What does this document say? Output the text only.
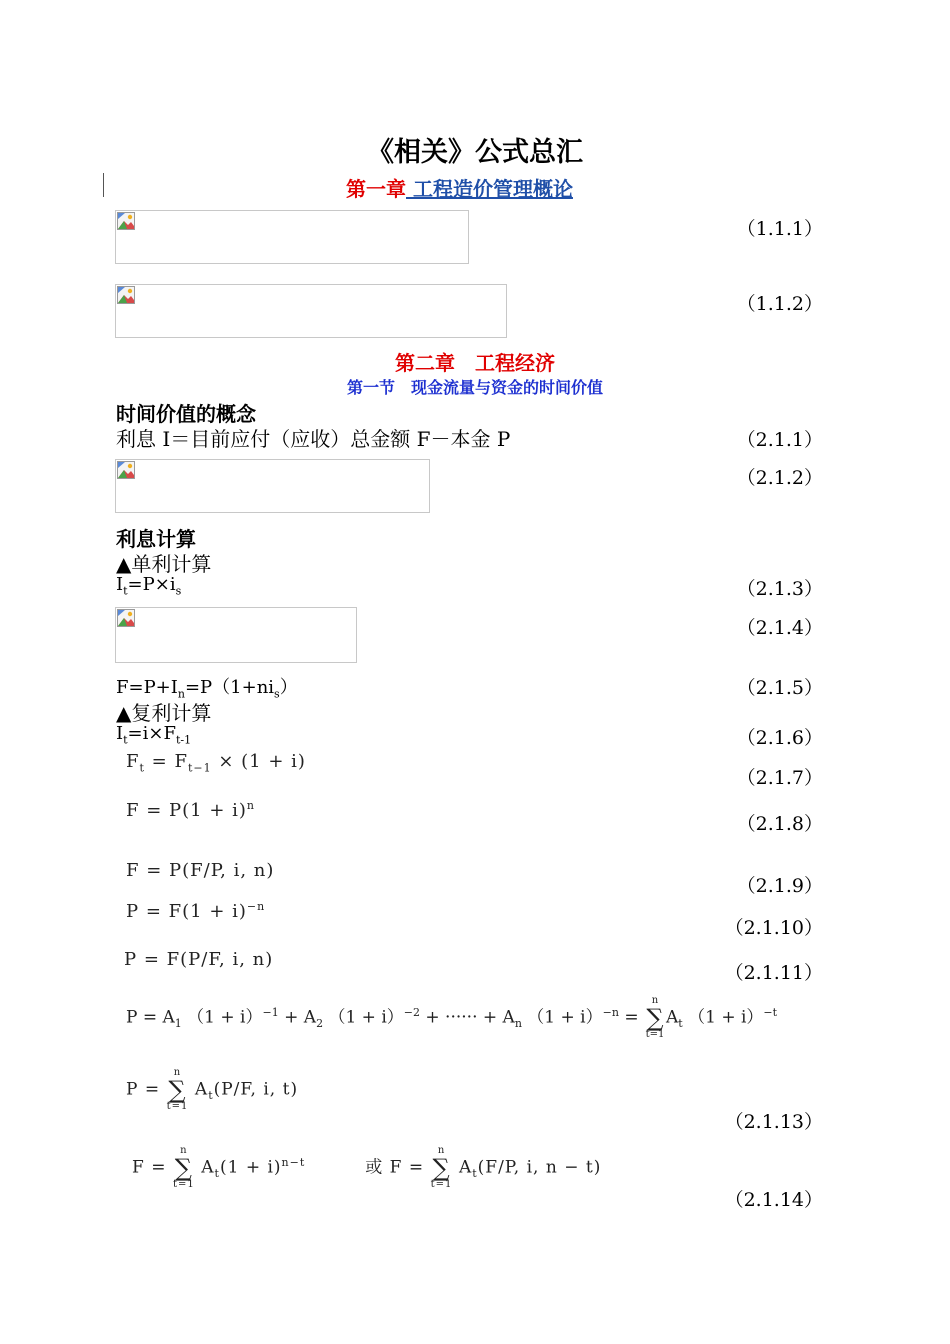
《相关》公式总汇
第一章 工程造价管理概论
（1.1.1）
（1.1.2）
第二章　工程经济
第一节　现金流量与资金的时间价值
时间价值的概念
利息 I＝目前应付（应收）总金额 F－本金 P	（2.1.1）
（2.1.2）
利息计算
▲单利计算
$I_t=P\times i_s$	（2.1.3）
（2.1.4）
$F=P+I_n=P(1+ni_s)$	（2.1.5）
▲复利计算
$I_t=i\times F_{t-1}$	（2.1.6）
$F_t = F_{t-1} \times (1 + i)$
（2.1.7）
$F = P(1 + i)^n$
（2.1.8）
F = P(F/P, i, n)
（2.1.9）
$P = F(1 + i)^{-n}$
（2.1.10）
P = F(P/F, i, n)
（2.1.11）
$P = A_1$ $(1 + i)^{-1} + A_2$ $(1 + i)^{-2}$ + ······ + $A_n$ $(1 + i)^{-n}$ =
n
∑
t=1
$A_t$ $(1 + i)^{-t}$
P =
n
∑
t=1
$A_t(P/F$, i, t)
（2.1.13）
F =
n
∑
t=1
$A_t(1 + i)^{n-t}$	或 F =
n
∑
t=1
$A_t(F/P$, i, n − t)
（2.1.14）
